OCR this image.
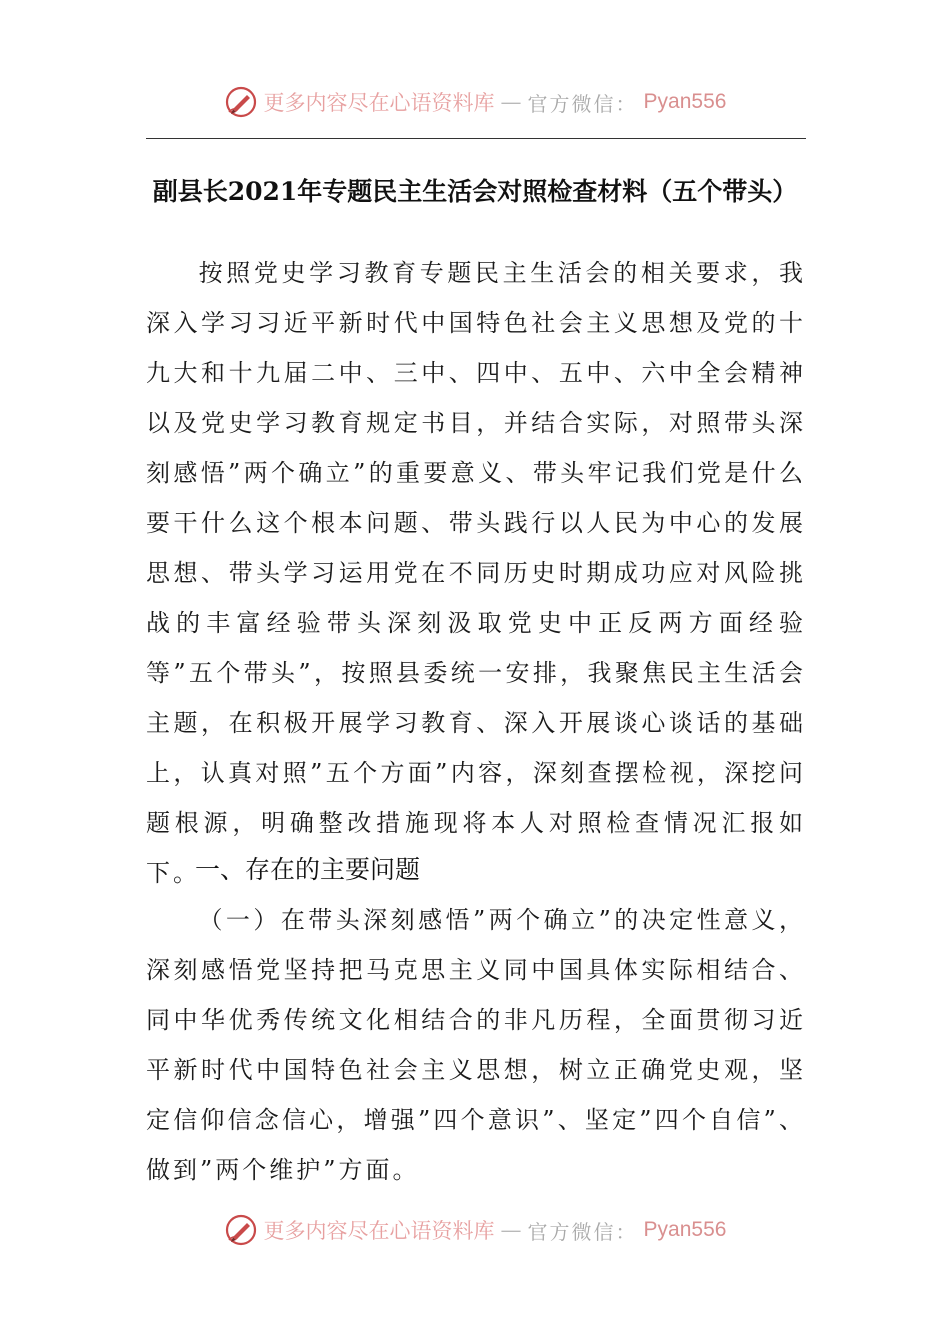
更多内容尽在心语资料库 — 官方微信： Pyan556
副县长2021年专题民主生活会对照检查材料（五个带头）
按照党史学习教育专题民主生活会的相关要求，我深入学习习近平新时代中国特色社会主义思想及党的十九大和十九届二中、三中、四中、五中、六中全会精神以及党史学习教育规定书目，并结合实际，对照带头深刻感悟”两个确立”的重要意义、带头牢记我们党是什么要干什么这个根本问题、带头践行以人民为中心的发展思想、带头学习运用党在不同历史时期成功应对风险挑战的丰富经验带头深刻汲取党史中正反两方面经验等”五个带头”，按照县委统一安排，我聚焦民主生活会主题，在积极开展学习教育、深入开展谈心谈话的基础上，认真对照”五个方面”内容，深刻查摆检视，深挖问题根源，明确整改措施现将本人对照检查情况汇报如下。
一、存在的主要问题
（一）在带头深刻感悟”两个确立”的决定性意义，深刻感悟党坚持把马克思主义同中国具体实际相结合、同中华优秀传统文化相结合的非凡历程，全面贯彻习近平新时代中国特色社会主义思想，树立正确党史观，坚定信仰信念信心，增强”四个意识”、坚定”四个自信”、做到”两个维护”方面。
更多内容尽在心语资料库 — 官方微信： Pyan556
